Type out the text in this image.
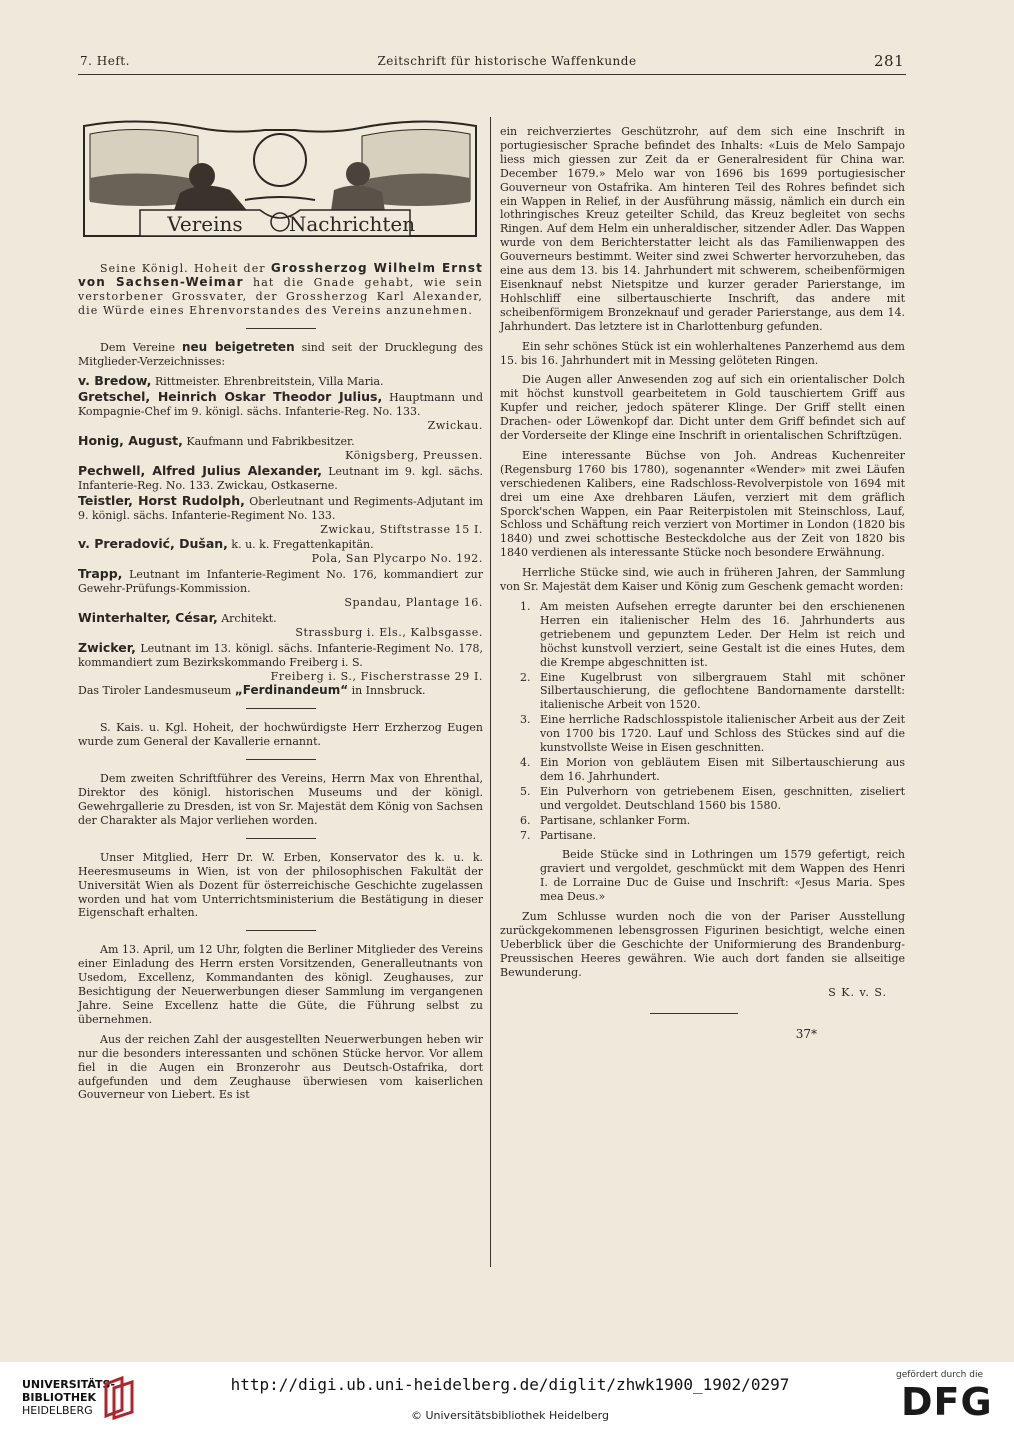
7. Heft.	Zeitschrift für historische Waffenkunde	281
Vereins Nachrichten

Seine Königl. Hoheit der Grossherzog Wilhelm Ernst von Sachsen-Weimar hat die Gnade gehabt, wie sein verstorbener Grossvater, der Grossherzog Karl Alexander, die Würde eines Ehrenvorstandes des Vereins anzunehmen.

Dem Vereine neu beigetreten sind seit der Drucklegung des Mitglieder-Verzeichnisses:

v. Bredow, Rittmeister. Ehrenbreitstein, Villa Maria.
Gretschel, Heinrich Oskar Theodor Julius, Hauptmann und Kompagnie-Chef im 9. königl. sächs. Infanterie-Reg. No. 133.
Zwickau.
Honig, August, Kaufmann und Fabrikbesitzer.
Königsberg, Preussen.
Pechwell, Alfred Julius Alexander, Leutnant im 9. kgl. sächs. Infanterie-Reg. No. 133. Zwickau, Ostkaserne.
Teistler, Horst Rudolph, Oberleutnant und Regiments-Adjutant im 9. königl. sächs. Infanterie-Regiment No. 133.
Zwickau, Stiftstrasse 15 I.
v. Preradović, Dušan, k. u. k. Fregattenkapitän.
Pola, San Plycarpo No. 192.
Trapp, Leutnant im Infanterie-Regiment No. 176, kommandiert zur Gewehr-Prüfungs-Kommission.
Spandau, Plantage 16.
Winterhalter, César, Architekt.
Strassburg i. Els., Kalbsgasse.
Zwicker, Leutnant im 13. königl. sächs. Infanterie-Regiment No. 178, kommandiert zum Bezirkskommando Freiberg i. S.
Freiberg i. S., Fischerstrasse 29 I.
Das Tiroler Landesmuseum „Ferdinandeum“ in Innsbruck.

S. Kais. u. Kgl. Hoheit, der hochwürdigste Herr Erzherzog Eugen wurde zum General der Kavallerie ernannt.

Dem zweiten Schriftführer des Vereins, Herrn Max von Ehrenthal, Direktor des königl. historischen Museums und der königl. Gewehrgallerie zu Dresden, ist von Sr. Majestät dem König von Sachsen der Charakter als Major verliehen worden.

Unser Mitglied, Herr Dr. W. Erben, Konservator des k. u. k. Heeresmuseums in Wien, ist von der philosophischen Fakultät der Universität Wien als Dozent für österreichische Geschichte zugelassen worden und hat vom Unterrichtsministerium die Bestätigung in dieser Eigenschaft erhalten.

Am 13. April, um 12 Uhr, folgten die Berliner Mitglieder des Vereins einer Einladung des Herrn ersten Vorsitzenden, Generalleutnants von Usedom, Excellenz, Kommandanten des königl. Zeughauses, zur Besichtigung der Neuerwerbungen dieser Sammlung im vergangenen Jahre. Seine Excellenz hatte die Güte, die Führung selbst zu übernehmen.

Aus der reichen Zahl der ausgestellten Neuerwerbungen heben wir nur die besonders interessanten und schönen Stücke hervor. Vor allem fiel in die Augen ein Bronzerohr aus Deutsch-Ostafrika, dort aufgefunden und dem Zeughause überwiesen vom kaiserlichen Gouverneur von Liebert. Es ist

ein reichverziertes Geschützrohr, auf dem sich eine Inschrift in portugiesischer Sprache befindet des Inhalts: «Luis de Melo Sampajo liess mich giessen zur Zeit da er Generalresident für China war. December 1679.» Melo war von 1696 bis 1699 portugiesischer Gouverneur von Ostafrika. Am hinteren Teil des Rohres befindet sich ein Wappen in Relief, in der Ausführung mässig, nämlich ein durch ein lothringisches Kreuz geteilter Schild, das Kreuz begleitet von sechs Ringen. Auf dem Helm ein unheraldischer, sitzender Adler. Das Wappen wurde von dem Berichterstatter leicht als das Familienwappen des Gouverneurs bestimmt. Weiter sind zwei Schwerter hervorzuheben, das eine aus dem 13. bis 14. Jahrhundert mit schwerem, scheibenförmigen Eisenknauf nebst Nietspitze und kurzer gerader Parierstange, im Hohlschliff eine silbertauschierte Inschrift, das andere mit scheibenförmigem Bronzeknauf und gerader Parierstange, aus dem 14. Jahrhundert. Das letztere ist in Charlottenburg gefunden.

Ein sehr schönes Stück ist ein wohlerhaltenes Panzerhemd aus dem 15. bis 16. Jahrhundert mit in Messing gelöteten Ringen.

Die Augen aller Anwesenden zog auf sich ein orientalischer Dolch mit höchst kunstvoll gearbeitetem in Gold tauschiertem Griff aus Kupfer und reicher, jedoch späterer Klinge. Der Griff stellt einen Drachen- oder Löwenkopf dar. Dicht unter dem Griff befindet sich auf der Vorderseite der Klinge eine Inschrift in orientalischen Schriftzügen.

Eine interessante Büchse von Joh. Andreas Kuchenreiter (Regensburg 1760 bis 1780), sogenannter «Wender» mit zwei Läufen verschiedenen Kalibers, eine Radschloss-Revolverpistole von 1694 mit drei um eine Axe drehbaren Läufen, verziert mit dem gräflich Sporck'schen Wappen, ein Paar Reiterpistolen mit Steinschloss, Lauf, Schloss und Schäftung reich verziert von Mortimer in London (1820 bis 1840) und zwei schottische Besteckdolche aus der Zeit von 1820 bis 1840 verdienen als interessante Stücke noch besondere Erwähnung.

Herrliche Stücke sind, wie auch in früheren Jahren, der Sammlung von Sr. Majestät dem Kaiser und König zum Geschenk gemacht worden:

1. Am meisten Aufsehen erregte darunter bei den erschienenen Herren ein italienischer Helm des 16. Jahrhunderts aus getriebenem und gepunztem Leder. Der Helm ist reich und höchst kunstvoll verziert, seine Gestalt ist die eines Hutes, dem die Krempe abgeschnitten ist.
2. Eine Kugelbrust von silbergrauem Stahl mit schöner Silbertauschierung, die geflochtene Bandornamente darstellt: italienische Arbeit von 1520.
3. Eine herrliche Radschlosspistole italienischer Arbeit aus der Zeit von 1700 bis 1720. Lauf und Schloss des Stückes sind auf die kunstvollste Weise in Eisen geschnitten.
4. Ein Morion von gebläutem Eisen mit Silbertauschierung aus dem 16. Jahrhundert.
5. Ein Pulverhorn von getriebenem Eisen, geschnitten, ziseliert und vergoldet. Deutschland 1560 bis 1580.
6. Partisane, schlanker Form.
7. Partisane.

Beide Stücke sind in Lothringen um 1579 gefertigt, reich graviert und vergoldet, geschmückt mit dem Wappen des Henri I. de Lorraine Duc de Guise und Inschrift: «Jesus Maria. Spes mea Deus.»

Zum Schlusse wurden noch die von der Pariser Ausstellung zurückgekommenen lebensgrossen Figurinen besichtigt, welche einen Ueberblick über die Geschichte der Uniformierung des Brandenburg-Preussischen Heeres gewähren. Wie auch dort fanden sie allseitige Bewunderung.

S K. v. S.
37*
UNIVERSITÄTS-
BIBLIOTHEK
HEIDELBERG
http://digi.ub.uni-heidelberg.de/diglit/zhwk1900_1902/0297
© Universitätsbibliothek Heidelberg
gefördert durch die
DFG
